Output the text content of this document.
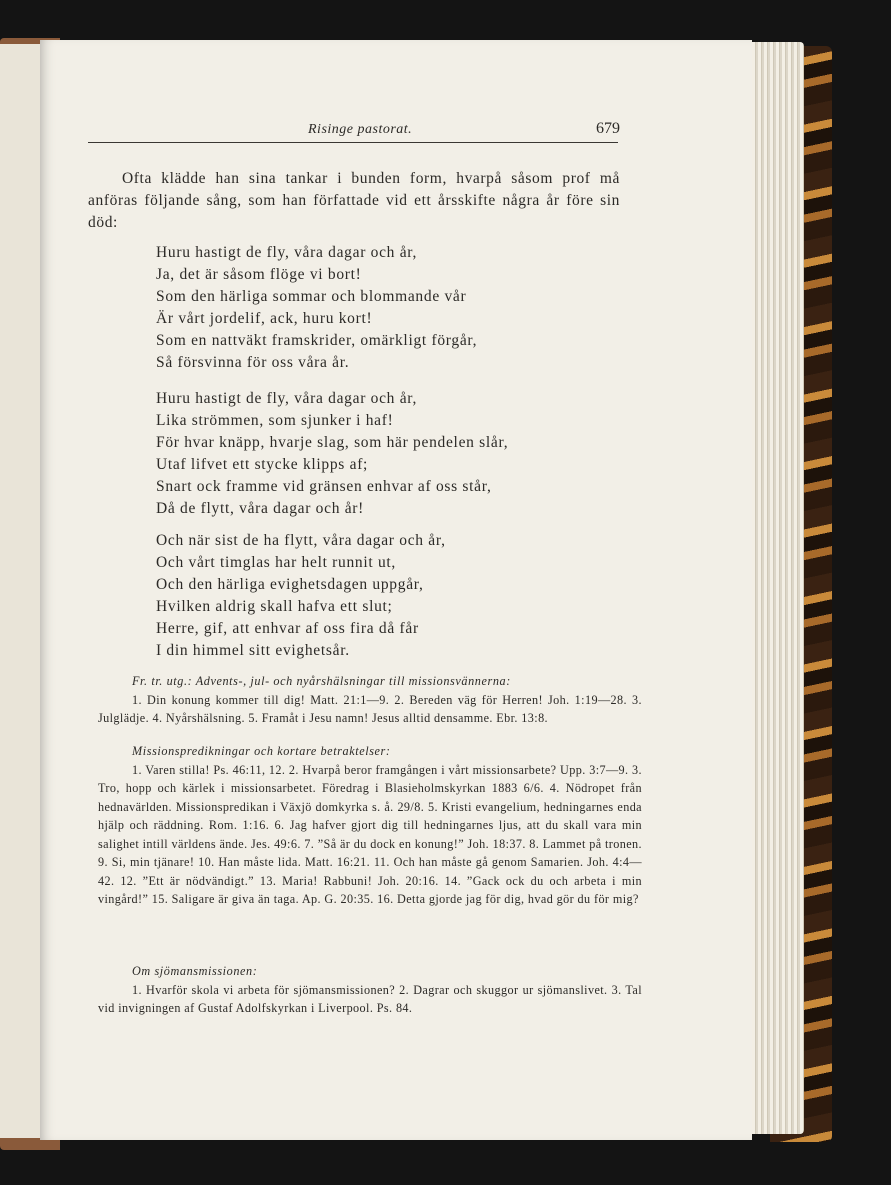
Risinge pastorat.	679

Ofta klädde han sina tankar i bunden form, hvarpå såsom prof må anföras följande sång, som han författade vid ett årsskifte några år före sin död:

Huru hastigt de fly, våra dagar och år,
Ja, det är såsom flöge vi bort!
Som den härliga sommar och blommande vår
Är vårt jordelif, ack, huru kort!
Som en nattväkt framskrider, omärkligt förgår,
Så försvinna för oss våra år.
Huru hastigt de fly, våra dagar och år,
Lika strömmen, som sjunker i haf!
För hvar knäpp, hvarje slag, som här pendelen slår,
Utaf lifvet ett stycke klipps af;
Snart ock framme vid gränsen enhvar af oss står,
Då de flytt, våra dagar och år!
Och när sist de ha flytt, våra dagar och år,
Och vårt timglas har helt runnit ut,
Och den härliga evighetsdagen uppgår,
Hvilken aldrig skall hafva ett slut;
Herre, gif, att enhvar af oss fira då får
I din himmel sitt evighetsår.

Fr. tr. utg.: Advents-, jul- och nyårshälsningar till missionsvännerna:

1. Din konung kommer till dig! Matt. 21:1—9. 2. Bereden väg för Herren! Joh. 1:19—28. 3. Julglädje. 4. Nyårshälsning. 5. Framåt i Jesu namn! Jesus alltid densamme. Ebr. 13:8.

Missionspredikningar och kortare betraktelser:

1. Varen stilla! Ps. 46:11, 12. 2. Hvarpå beror framgången i vårt missionsarbete? Upp. 3:7—9. 3. Tro, hopp och kärlek i missionsarbetet. Föredrag i Blasieholmskyrkan 1883 6/6. 4. Nödropet från hednavärlden. Missionspredikan i Växjö domkyrka s. å. 29/8. 5. Kristi evangelium, hedningarnes enda hjälp och räddning. Rom. 1:16. 6. Jag hafver gjort dig till hedningarnes ljus, att du skall vara min salighet intill världens ände. Jes. 49:6. 7. ”Så är du dock en konung!” Joh. 18:37. 8. Lammet på tronen. 9. Si, min tjänare! 10. Han måste lida. Matt. 16:21. 11. Och han måste gå genom Samarien. Joh. 4:4—42. 12. ”Ett är nödvändigt.” 13. Maria! Rabbuni! Joh. 20:16. 14. ”Gack ock du och arbeta i min vingård!” 15. Saligare är giva än taga. Ap. G. 20:35. 16. Detta gjorde jag för dig, hvad gör du för mig?

Om sjömansmissionen:

1. Hvarför skola vi arbeta för sjömansmissionen? 2. Dagrar och skuggor ur sjömanslivet. 3. Tal vid invigningen af Gustaf Adolfskyrkan i Liverpool. Ps. 84.
